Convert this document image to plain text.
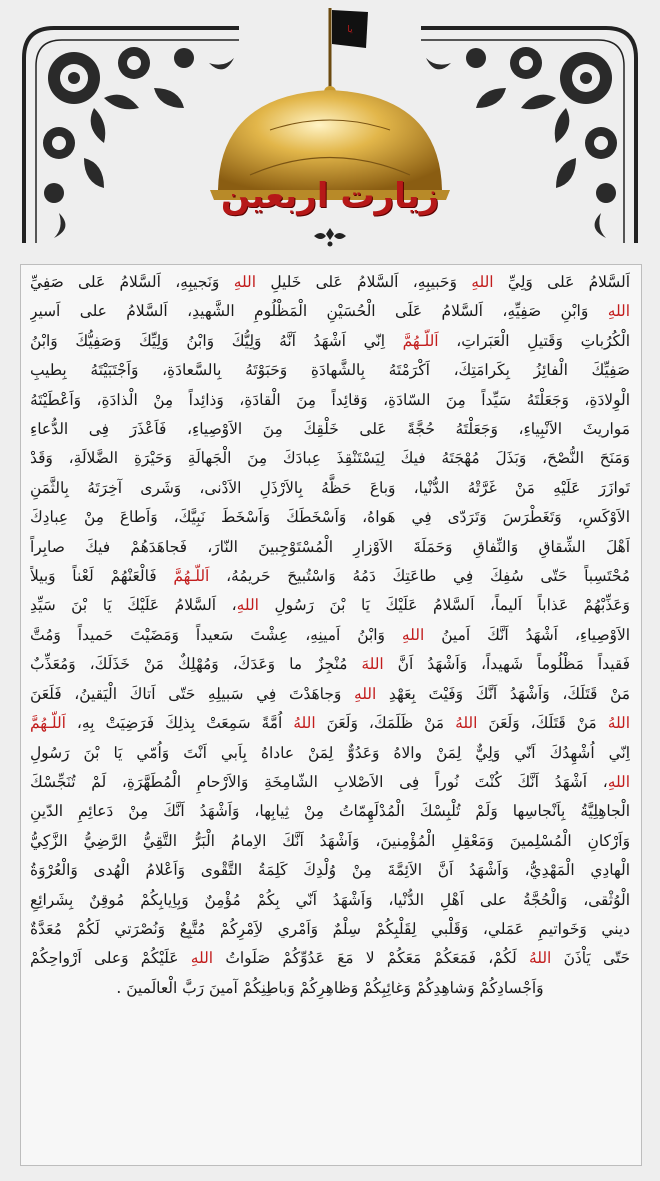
یا
زیارت اربعین
اَلسَّلامُ عَلى وَلِيِّ اللهِ وَحَبيبِهِ، اَلسَّلامُ عَلى خَليلِ اللهِ وَنَجيبِهِ، اَلسَّلامُ عَلى صَفِيِّ
اللهِ وَابْنِ صَفِيِّهِ، اَلسَّلامُ عَلَى الْحُسَيْنِ الْمَظْلُومِ الشَّهيدِ، اَلسَّلامُ على اَسيرِ
الْكُرُباتِ وَقَتيلِ الْعَبَراتِ، اَللّـهُمَّ اِنّي اَشْهَدُ اَنَّهُ وَلِيُّكَ وَابْنُ وَلِيِّكَ وَصَفِيُّكَ وَابْنُ
صَفِيِّكَ الْفائِزُ بِكَرامَتِكَ، اَكْرَمْتَهُ بِالشَّهادَةِ وَحَبَوْتَهُ بِالسَّعادَةِ، وَاَجْتَبَيْتَهُ بِطيبِ
الْوِلادَةِ، وَجَعَلْتَهُ سَيِّداً مِنَ السّادَةِ، وَقائِداً مِنَ الْقادَةِ، وَذائِداً مِنْ الْذادَةِ، وَاَعْطَيْتَهُ
مَواريثَ الاَنْبِياءِ، وَجَعَلْتَهُ حُجَّةً عَلى خَلْقِكَ مِنَ الاَوْصِياءِ، فَاَعْذَرَ فِى الدُّعاءِ
وَمَنَحَ النُّصْحَ، وَبَذَلَ مُهْجَتَهُ فيكَ لِيَسْتَنْقِذَ عِبادَكَ مِنَ الْجَهالَةِ وَحَيْرَةِ الضَّلالَةِ، وَقَدْ
تَوازَرَ عَلَيْهِ مَنْ غَرَّتْهُ الدُّنْيا، وَباعَ حَظَّهُ بِالاَرْذَلِ الاَدْنى، وَشَرى آخِرَتَهُ بِالثَّمَنِ
الاَوْكَسِ، وَتَغَطْرَسَ وَتَرَدّى فِي هَواهُ، وَاَسْخَطَكَ وَاَسْخَطَ نَبِيَّكَ، وَاَطاعَ مِنْ عِبادِكَ
اَهْلَ الشِّقاقِ وَالنِّفاقِ وَحَمَلَةَ الاَوْزارِ الْمُسْتَوْجِبينَ النّارَ، فَجاهَدَهُمْ فيكَ صابِراً
مُحْتَسِباً حَتّى سُفِكَ فِي طاعَتِكَ دَمُهُ وَاسْتُبيحَ حَريمُهُ، اَللّـهُمَّ فَالْعَنْهُمْ لَعْناً وَبيلاً
وَعَذِّبْهُمْ عَذاباً اَليماً، اَلسَّلامُ عَلَيْكَ يَا بْنَ رَسُولِ اللهِ، اَلسَّلامُ عَلَيْكَ يَا بْنَ سَيِّدِ
الاَوْصِياءِ، اَشْهَدُ اَنَّكَ اَمينُ اللهِ وَابْنُ اَمينِهِ، عِشْتَ سَعيداً وَمَضَيْتَ حَميداً وَمُتَّ
فَقيداً مَظْلُوماً شَهيداً، وَاَشْهَدُ اَنَّ اللهَ مُنْجِزٌ ما وَعَدَكَ، وَمُهْلِكٌ مَنْ خَذَلَكَ، وَمُعَذِّبٌ
مَنْ قَتَلَكَ، وَاَشْهَدُ اَنَّكَ وَفَيْتَ بِعَهْدِ اللهِ وَجاهَدْتَ فِي سَبيلِهِ حَتّى اَتاكَ الْيَقينُ، فَلَعَنَ
اللهُ مَنْ قَتَلَكَ، وَلَعَنَ اللهُ مَنْ ظَلَمَكَ، وَلَعَنَ اللهُ اُمَّةً سَمِعَتْ بِذلِكَ فَرَضِيَتْ بِهِ، اَللّـهُمَّ
اِنّي اُشْهِدُكَ اَنّي وَلِيٌّ لِمَنْ والاهُ وَعَدُوٌّ لِمَنْ عاداهُ بِاَبي اَنْتَ وَاُمّي يَا بْنَ رَسُولِ
اللهِ، اَشْهَدُ اَنَّكَ كُنْتَ نُوراً فِى الاَصْلابِ الشّامِخَةِ وَالاَرْحامِ الْمُطَهَّرَةِ، لَمْ تُنَجِّسْكَ
الْجاهِلِيَّةُ بِاَنْجاسِها وَلَمْ تُلْبِسْكَ الْمُدْلَهِمّاتُ مِنْ ثِيابِها، وَاَشْهَدُ اَنَّكَ مِنْ دَعائِمِ الدّينِ
وَاَرْكانِ الْمُسْلِمينَ وَمَعْقِلِ الْمُؤْمِنينَ، وَاَشْهَدُ اَنَّكَ الاِمامُ الْبَرُّ التَّقِيُّ الرَّضِيُّ الزَّكِيُّ
الْهادِي الْمَهْدِيُّ، وَاَشْهَدُ اَنَّ الاَئِمَّةَ مِنْ وُلْدِكَ كَلِمَةُ التَّقْوى وَاَعْلامُ الْهُدى وَالْعُرْوَةُ
الْوُثْقى، وَالْحُجَّةُ على اَهْلِ الدُّنْيا، وَاَشْهَدُ اَنّي بِكُمْ مُؤْمِنٌ وَبِاِيابِكُمْ مُوقِنٌ بِشَرائِعِ
ديني وَخَواتيمِ عَمَلي، وَقَلْبي لِقَلْبِكُمْ سِلْمٌ وَاَمْري لاَِمْرِكُمْ مُتَّبِعٌ وَنُصْرَتي لَكُمْ مُعَدَّةٌ
حَتّى يَاْذَنَ اللهُ لَكُمْ، فَمَعَكُمْ مَعَكُمْ لا مَعَ عَدُوِّكُمْ صَلَواتُ اللهِ عَلَيْكُمْ وَعلى اَرْواحِكُمْ
وَاَجْسادِكُمْ وَشاهِدِكُمْ وَغائِبِكُمْ وَظاهِرِكُمْ وَباطِنِكُمْ آمينَ رَبَّ الْعالَمينَ .
